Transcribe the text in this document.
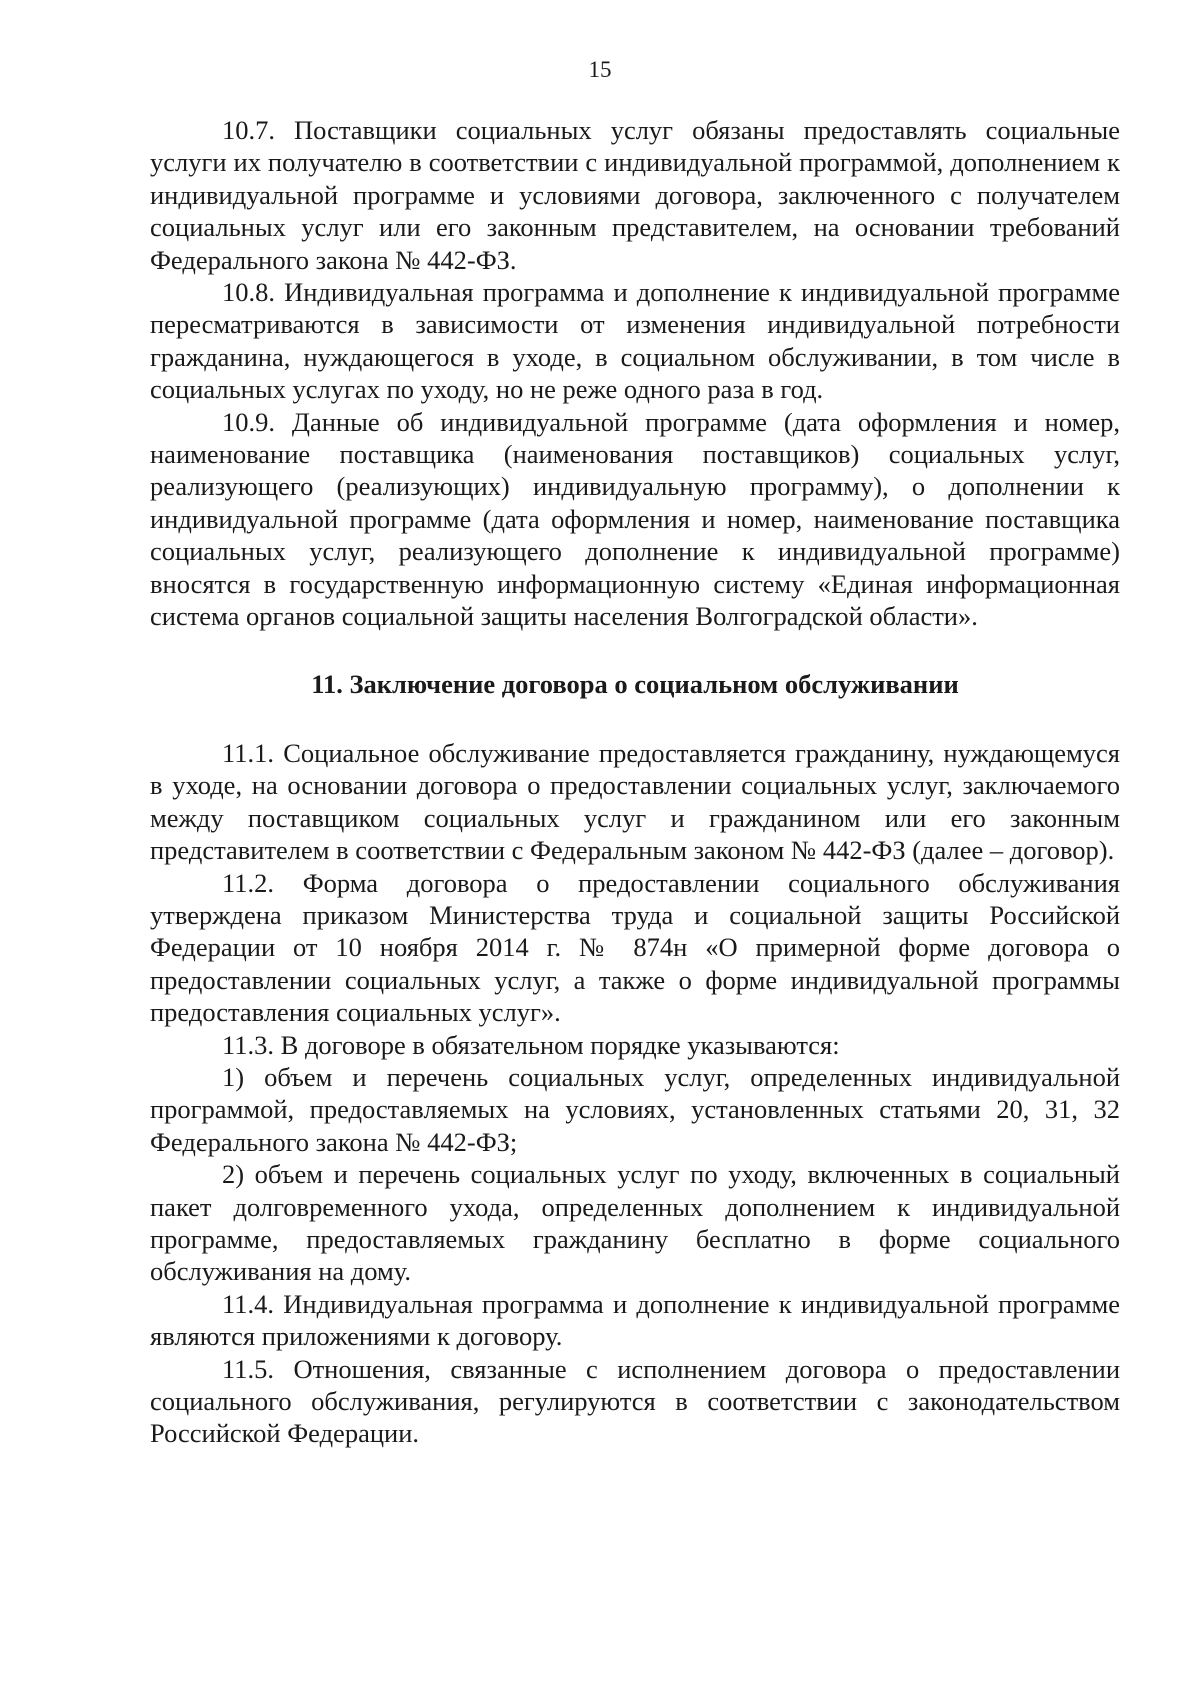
15

10.7. Поставщики социальных услуг обязаны предоставлять социальные услуги их получателю в соответствии с индивидуальной программой, дополнением к индивидуальной программе и условиями договора, заключенного с получателем социальных услуг или его законным представителем, на основании требований Федерального закона № 442-ФЗ.

10.8. Индивидуальная программа и дополнение к индивидуальной программе пересматриваются в зависимости от изменения индивидуальной потребности гражданина, нуждающегося в уходе, в социальном обслуживании, в том числе в социальных услугах по уходу, но не реже одного раза в год.

10.9. Данные об индивидуальной программе (дата оформления и номер, наименование поставщика (наименования поставщиков) социальных услуг, реализующего (реализующих) индивидуальную программу), о дополнении к индивидуальной программе (дата оформления и номер, наименование поставщика социальных услуг, реализующего дополнение к индивидуальной программе) вносятся в государственную информационную систему «Единая информационная система органов социальной защиты населения Волгоградской области».

11. Заключение договора о социальном обслуживании

11.1. Социальное обслуживание предоставляется гражданину, нуждающемуся в уходе, на основании договора о предоставлении социальных услуг, заключаемого между поставщиком социальных услуг и гражданином или его законным представителем в соответствии с Федеральным законом № 442-ФЗ (далее – договор).

11.2. Форма договора о предоставлении социального обслуживания утверждена приказом Министерства труда и социальной защиты Российской Федерации от 10 ноября 2014 г. № 874н «О примерной форме договора о предоставлении социальных услуг, а также о форме индивидуальной программы предоставления социальных услуг».

11.3. В договоре в обязательном порядке указываются:

1) объем и перечень социальных услуг, определенных индивидуальной программой, предоставляемых на условиях, установленных статьями 20, 31, 32 Федерального закона № 442-ФЗ;

2) объем и перечень социальных услуг по уходу, включенных в социальный пакет долговременного ухода, определенных дополнением к индивидуальной программе, предоставляемых гражданину бесплатно в форме социального обслуживания на дому.

11.4. Индивидуальная программа и дополнение к индивидуальной программе являются приложениями к договору.

11.5. Отношения, связанные с исполнением договора о предоставлении социального обслуживания, регулируются в соответствии с законодательством Российской Федерации.
